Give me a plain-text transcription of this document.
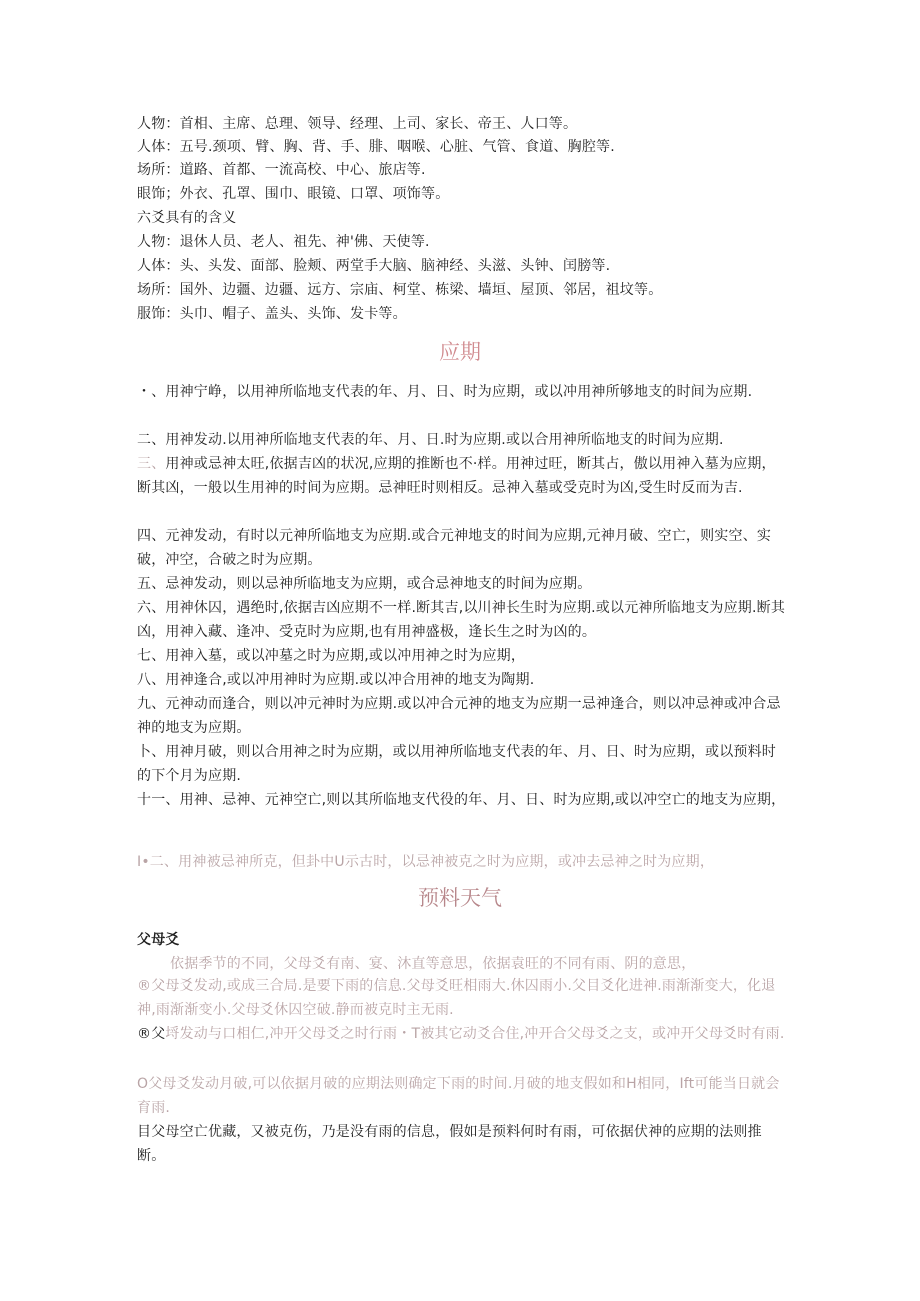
人物：首相、主席、总理、领导、经理、上司、家长、帝王、人口等。
人体：五号.颈项、臂、胸、背、手、腓、咽喉、心脏、气管、食道、胸腔等.
场所：道路、首都、一流高校、中心、旅店等.
眼饰；外衣、孔罩、围巾、眼镜、口罩、项饰等。
六爻具有的含义
人物：退休人员、老人、祖先、神'佛、天使等.
人体：头、头发、面部、脸颊、两堂手大脑、脑神经、头滋、头钟、闰膀等.
场所：国外、边疆、边疆、远方、宗庙、柯堂、栋梁、墙垣、屋顶、邻居，祖坟等。
服饰：头巾、帽子、盖头、头饰、发卡等。
应期
・、用神宁峥，以用神所临地支代表的年、月、日、时为应期，或以冲用神所够地支的时间为应期.
二、用神发动.以用神所临地支代表的年、月、日.时为应期.或以合用神所临地支的时间为应期.
三、用神或忌神太旺,依据吉凶的状况,应期的推断也不·样。用神过旺，断其占，傲以用神入墓为应期，断其凶，一般以生用神的时间为应期。忌神旺时则相反。忌神入墓或受克时为凶,受生时反而为吉.
四、元神发动，有时以元神所临地支为应期.或合元神地支的时间为应期,元神月破、空亡，则实空、实破，冲空，合破之时为应期。
五、忌神发动，则以忌神所临地支为应期，或合忌神地支的时间为应期。
六、用神休囚，遇绝时,依据吉凶应期不一样.断其吉,以川神长生时为应期.或以元神所临地支为应期.断其凶，用神入藏、逢冲、受克时为应期,也有用神盛极，逢长生之时为凶的。
七、用神入墓，或以冲墓之时为应期,或以冲用神之时为应期，
八、用神逢合,或以冲用神时为应期.或以冲合用神的地支为陶期.
九、元神动而逢合，则以冲元神时为应期.或以冲合元神的地支为应期一忌神逢合，则以冲忌神或冲合忌神的地支为应期。
卜、用神月破，则以合用神之时为应期，或以用神所临地支代表的年、月、日、时为应期，或以预料时的下个月为应期.
十一、用神、忌神、元神空亡,则以其所临地支代役的年、月、日、时为应期,或以冲空亡的地支为应期，
I•二、用神被忌神所克，但卦中U示古时，以忌神被克之时为应期，或冲去忌神之时为应期，
预料天气
父母爻
依据季节的不同，父母爻有南、宴、沐直等意思，依据袁旺的不同有雨、阴的意思，
®父母爻发动,或成三合局.是要下雨的信息.父母爻旺相雨大.休囚雨小.父目爻化进神.雨渐渐变大，化退神,雨渐渐变小.父母爻休囚空破.静而被克时主无雨.
®父埒发动与口相仁,冲开父母爻之时行雨・T被其它动爻合住,冲开合父母爻之支，或冲开父母爻时有雨.
O父母爻发动月破,可以依据月破的应期法则确定下雨的时间.月破的地支假如和H相同，Ift可能当日就会育雨.
目父母空亡优藏，又被克伤，乃是没有雨的信息，假如是预料何时有雨，可依据伏神的应期的法则推断。
